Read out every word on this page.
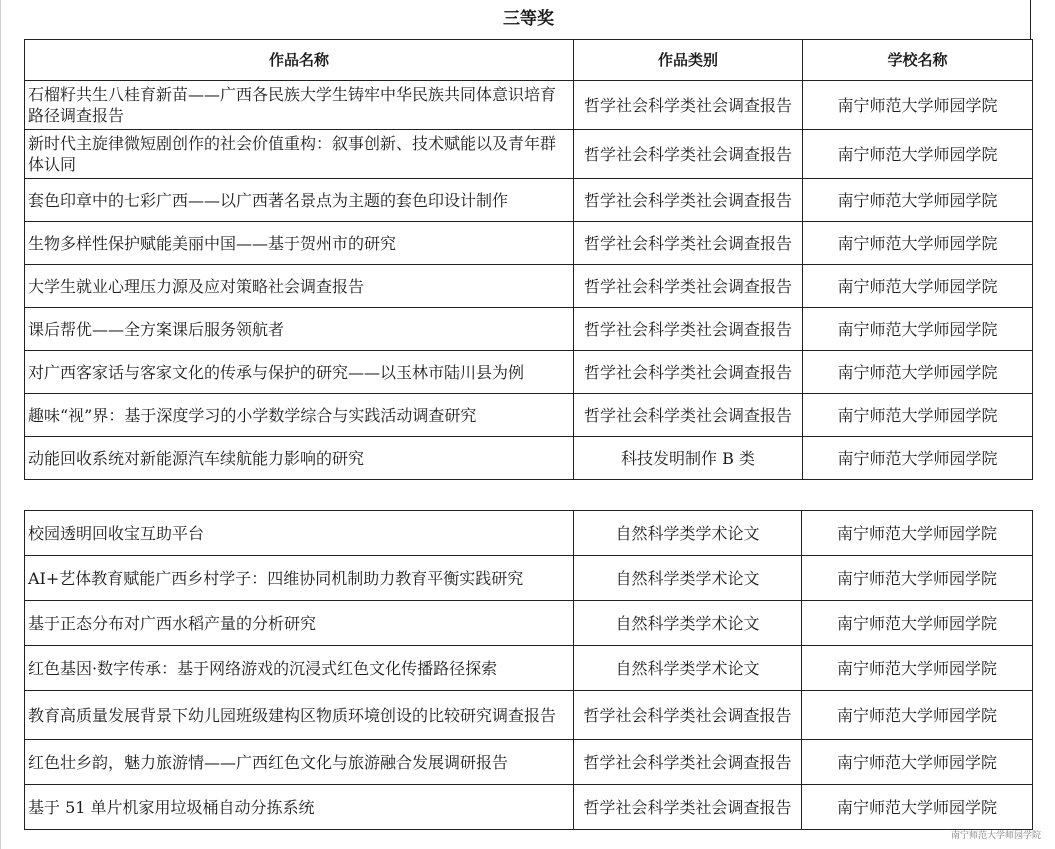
三等奖		
作品名称	作品类别	学校名称
石榴籽共生八桂育新苗——广西各民族大学生铸牢中华民族共同体意识培育路径调查报告	哲学社会科学类社会调查报告	南宁师范大学师园学院
新时代主旋律微短剧创作的社会价值重构：叙事创新、技术赋能以及青年群体认同	哲学社会科学类社会调查报告	南宁师范大学师园学院
套色印章中的七彩广西——以广西著名景点为主题的套色印设计制作	哲学社会科学类社会调查报告	南宁师范大学师园学院
生物多样性保护赋能美丽中国——基于贺州市的研究	哲学社会科学类社会调查报告	南宁师范大学师园学院
大学生就业心理压力源及应对策略社会调查报告	哲学社会科学类社会调查报告	南宁师范大学师园学院
课后帮优——全方案课后服务领航者	哲学社会科学类社会调查报告	南宁师范大学师园学院
对广西客家话与客家文化的传承与保护的研究——以玉林市陆川县为例	哲学社会科学类社会调查报告	南宁师范大学师园学院
趣味“视”界：基于深度学习的小学数学综合与实践活动调查研究	哲学社会科学类社会调查报告	南宁师范大学师园学院
动能回收系统对新能源汽车续航能力影响的研究	科技发明制作 B 类	南宁师范大学师园学院
校园透明回收宝互助平台	自然科学类学术论文	南宁师范大学师园学院
AI+艺体教育赋能广西乡村学子：四维协同机制助力教育平衡实践研究	自然科学类学术论文	南宁师范大学师园学院
基于正态分布对广西水稻产量的分析研究	自然科学类学术论文	南宁师范大学师园学院
红色基因·数字传承：基于网络游戏的沉浸式红色文化传播路径探索	自然科学类学术论文	南宁师范大学师园学院
教育高质量发展背景下幼儿园班级建构区物质环境创设的比较研究调查报告	哲学社会科学类社会调查报告	南宁师范大学师园学院
红色壮乡韵，魅力旅游情——广西红色文化与旅游融合发展调研报告	哲学社会科学类社会调查报告	南宁师范大学师园学院
基于 51 单片机家用垃圾桶自动分拣系统	哲学社会科学类社会调查报告	南宁师范大学师园学院
南宁师范大学师园学院
